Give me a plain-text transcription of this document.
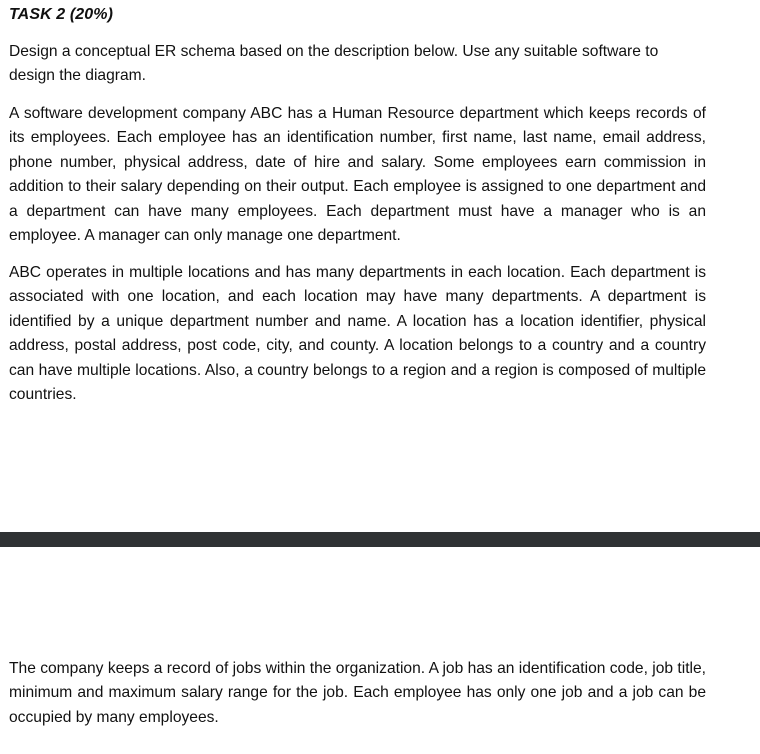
TASK 2 (20%)

Design a conceptual ER schema based on the description below. Use any suitable software to design the diagram.

A software development company ABC has a Human Resource department which keeps records of its employees. Each employee has an identification number, first name, last name, email address, phone number, physical address, date of hire and salary. Some employees earn commission in addition to their salary depending on their output. Each employee is assigned to one department and a department can have many employees. Each department must have a manager who is an employee. A manager can only manage one department.

ABC operates in multiple locations and has many departments in each location. Each department is associated with one location, and each location may have many departments. A department is identified by a unique department number and name. A location has a location identifier, physical address, postal address, post code, city, and county. A location belongs to a country and a country can have multiple locations. Also, a country belongs to a region and a region is composed of multiple countries.

The company keeps a record of jobs within the organization. A job has an identification code, job title, minimum and maximum salary range for the job. Each employee has only one job and a job can be occupied by many employees.
